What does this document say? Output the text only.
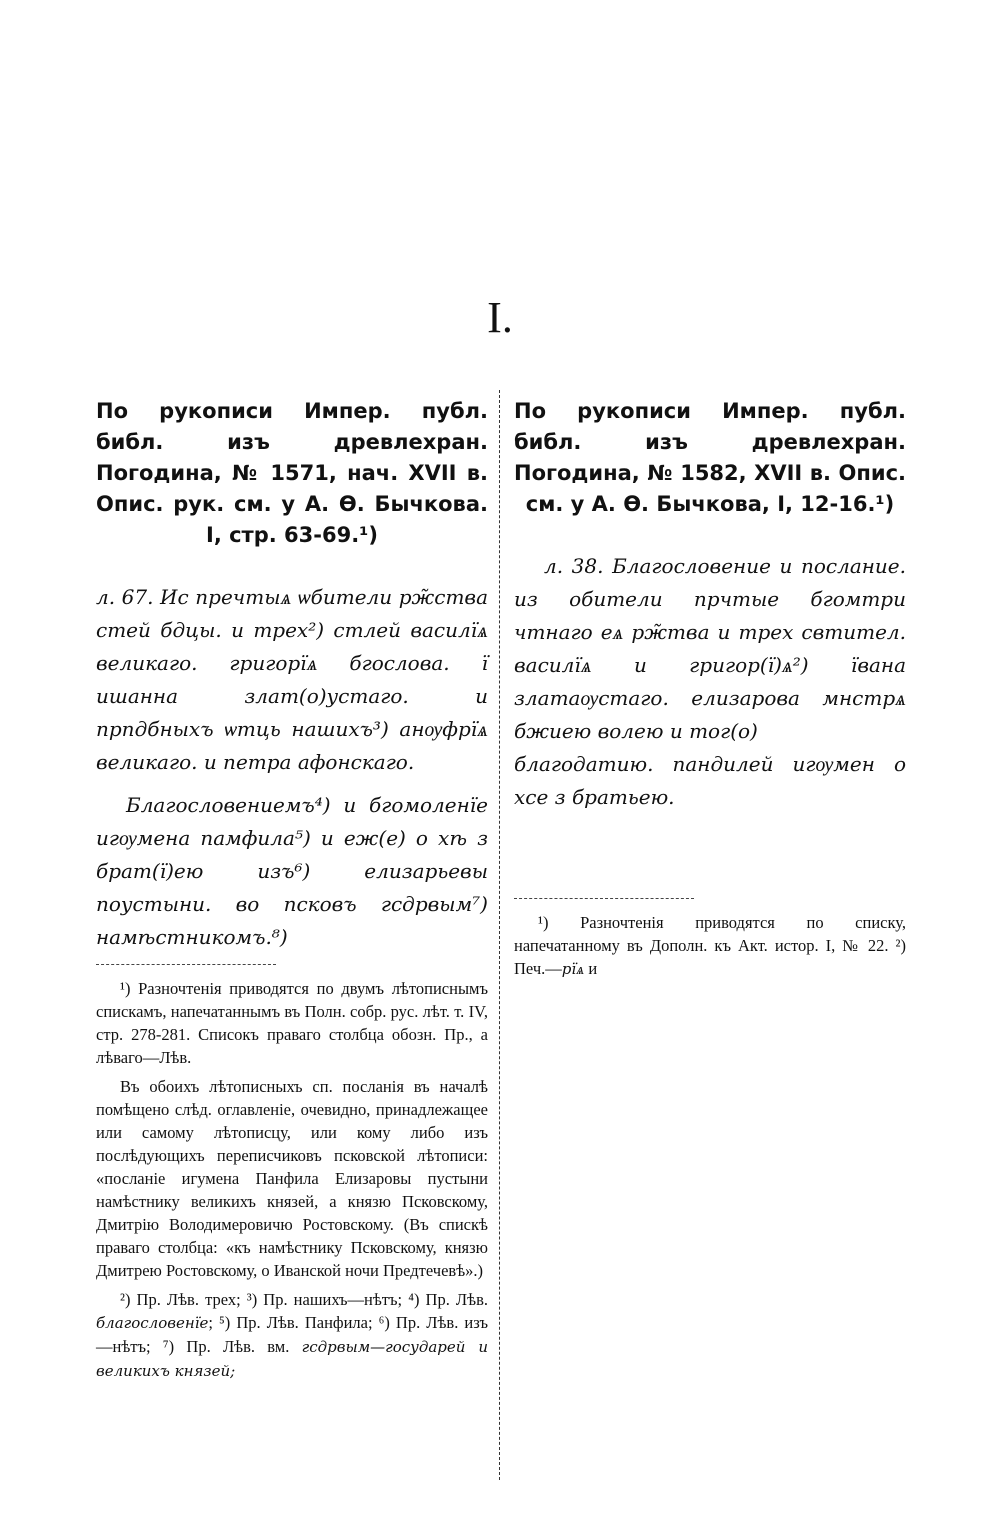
I.

По рукописи Импер. публ. библ. изъ древлехран. Погодина, № 1571, нач. XVII в. Опис. рук. см. у А. Ѳ. Бычкова. I, стр. 63-69.¹)

л. 67. Ис пречтыѧ ѡбители рж̃ства стей бдцы. и трех²) стлей василїѧ великаго. григорїѧ бгослова. ї ишанна злат(о)устаго. и прпдбныхъ ѡтць нашихъ³) анѹфрїѧ великаго. и петра афонскаго.

Благословениемъ⁴) и бгомоленїе игѹмена памфила⁵) и еж(е) о хѣ з брат(ї)ею изъ⁶) елизарьевы поустыни. во псковъ гсдрвым⁷) намѣстникомъ.⁸)

¹) Разночтенія приводятся по двумъ лѣтописнымъ спискамъ, напечатаннымъ въ Полн. собр. рус. лѣт. т. IV, стр. 278-281. Списокъ праваго столбца обозн. Пр., а лѣваго—Лѣв.

Въ обоихъ лѣтописныхъ сп. посланія въ началѣ помѣщено слѣд. оглавленіе, очевидно, принадлежащее или самому лѣтописцу, или кому либо изъ послѣдующихъ переписчиковъ псковской лѣтописи: «посланіе игумена Панфила Елизаровы пустыни намѣстнику великихъ князей, а князю Псковскому, Дмитрію Володимеровичю Ростовскому. (Въ спискѣ праваго столбца: «къ намѣстнику Псковскому, князю Дмитрею Ростовскому, о Иванской ночи Предтечевѣ».)

²) Пр. Лѣв. трех; ³) Пр. нашихъ—нѣтъ; ⁴) Пр. Лѣв. благословенїе; ⁵) Пр. Лѣв. Панфила; ⁶) Пр. Лѣв. изъ—нѣтъ; ⁷) Пр. Лѣв. вм. гсдрвым—государей и великихъ князей;

По рукописи Импер. публ. библ. изъ древлехран. Погодина, № 1582, XVII в. Опис. см. у А. Ѳ. Бычкова, I, 12-16.¹)

л. 38. Благословение и послание. из обители прчтые бгомтри чтнаго еѧ рж̃тва и трех свтител. василїѧ и григор(ї)ѧ²) ївана златаѹстаго. елизарова мнстрѧ бжиею волею и тог(о)

благодатию. пандилей игѹмен о хсе з братьею.

¹) Разночтенія приводятся по списку, напечатанному въ Дополн. къ Акт. истор. I, № 22. ²) Печ.—рїѧ и
